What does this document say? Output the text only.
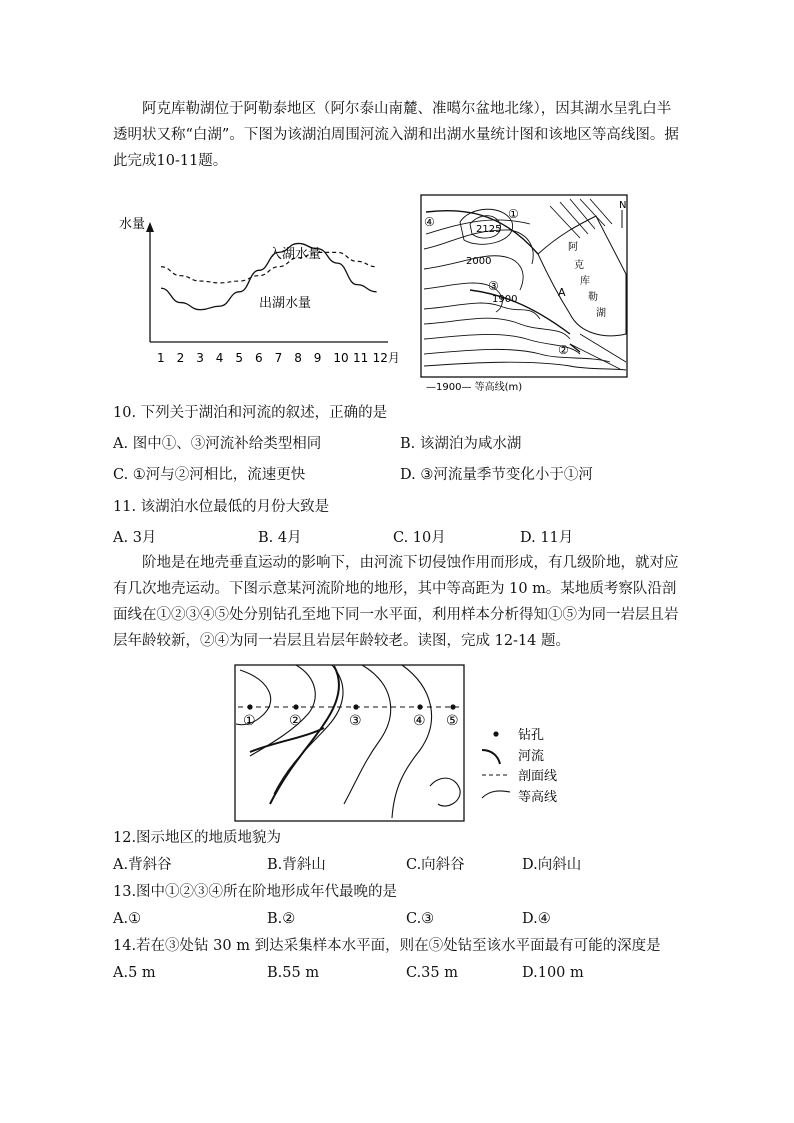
阿克库勒湖位于阿勒泰地区（阿尔泰山南麓、准噶尔盆地北缘），因其湖水呈乳白半透明状又称“白湖”。下图为该湖泊周围河流入湖和出湖水量统计图和该地区等高线图。据此完成10-11题。
水量
入湖水量
出湖水量
1 2 3 4 5 6 7 8 9 10 11 12月
2125
2000
1900
①
④
③
②
A
阿
克
库
勒
湖
N
—1900— 等高线(m)
10. 下列关于湖泊和河流的叙述，正确的是
A. 图中①、③河流补给类型相同	B. 该湖泊为咸水湖
C. ①河与②河相比，流速更快	D. ③河流量季节变化小于①河
11. 该湖泊水位最低的月份大致是
A. 3月	B. 4月	C. 10月	D. 11月
阶地是在地壳垂直运动的影响下，由河流下切侵蚀作用而形成，有几级阶地，就对应有几次地壳运动。下图示意某河流阶地的地形，其中等高距为 10 m。某地质考察队沿剖面线在①②③④⑤处分别钻孔至地下同一水平面，利用样本分析得知①⑤为同一岩层且岩层年龄较新，②④为同一岩层且岩层年龄较老。读图，完成 12-14 题。
① ②	③	④ ⑤
钻孔
河流
剖面线
等高线
12.图示地区的地质地貌为
A.背斜谷	B.背斜山	C.向斜谷	D.向斜山
13.图中①②③④所在阶地形成年代最晚的是
A.①	B.②	C.③	D.④
14.若在③处钻 30 m 到达采集样本水平面，则在⑤处钻至该水平面最有可能的深度是
A.5 m	B.55 m	C.35 m	D.100 m
